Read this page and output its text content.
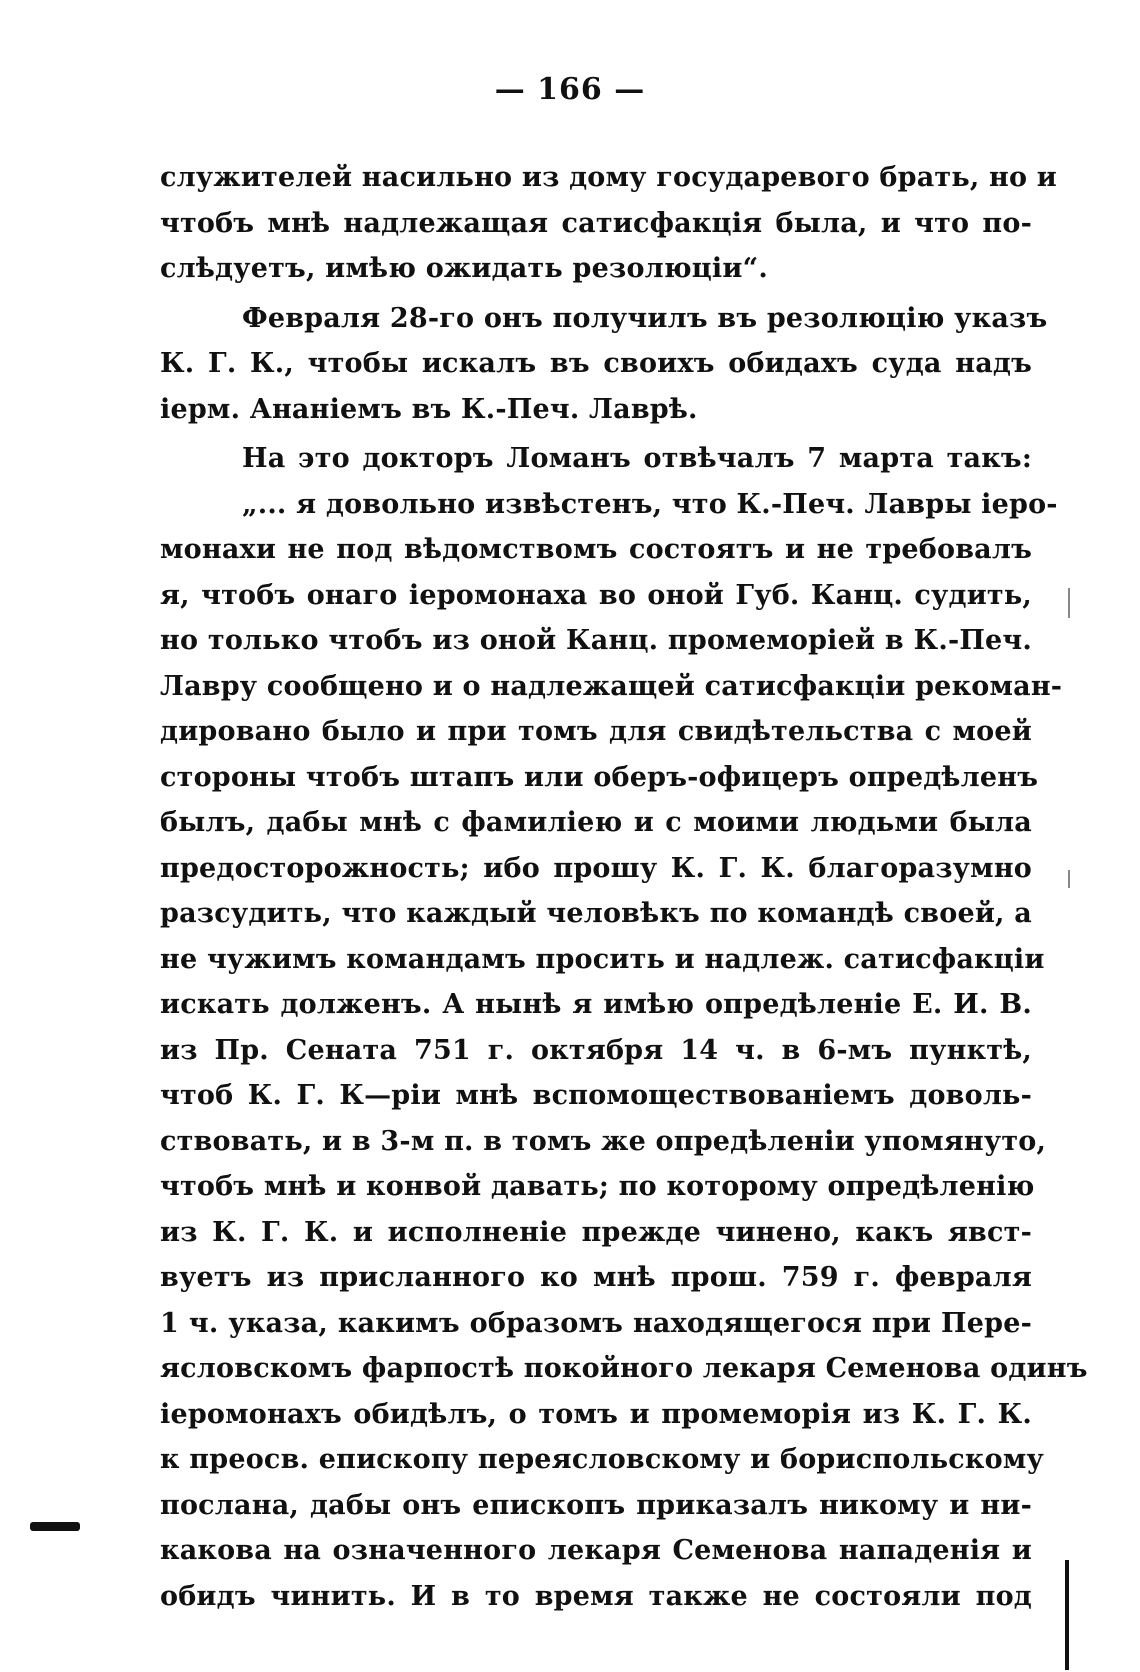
— 166 —
служителей насильно из дому государевого брать, но и
чтобъ мнѣ надлежащая сатисфакція была, и что по-
слѣдуетъ, имѣю ожидать резолюціи“.
Февраля 28-го онъ получилъ въ резолюцію указъ
К. Г. К., чтобы искалъ въ своихъ обидахъ суда надъ
іерм. Ананіемъ въ К.-Печ. Лаврѣ.
На это докторъ Ломанъ отвѣчалъ 7 марта такъ:
„... я довольно извѣстенъ, что К.-Печ. Лавры іеро-
монахи не под вѣдомствомъ состоятъ и не требовалъ
я, чтобъ онаго іеромонаха во оной Губ. Канц. судить,
но только чтобъ из оной Канц. промеморіей в К.-Печ.
Лавру сообщено и о надлежащей сатисфакціи рекоман-
дировано было и при томъ для свидѣтельства с моей
стороны чтобъ штапъ или оберъ-офицеръ опредѣленъ
былъ, дабы мнѣ с фамиліею и с моими людьми была
предосторожность; ибо прошу К. Г. К. благоразумно
разсудить, что каждый человѣкъ по командѣ своей, а
не чужимъ командамъ просить и надлеж. сатисфакціи
искать долженъ. А нынѣ я имѣю опредѣленіе Е. И. В.
из Пр. Сената 751 г. октября 14 ч. в 6-мъ пунктѣ,
чтоб К. Г. К—ріи мнѣ вспомоществованіемъ доволь-
ствовать, и в 3-м п. в томъ же опредѣленіи упомянуто,
чтобъ мнѣ и конвой давать; по которому опредѣленію
из К. Г. К. и исполненіе прежде чинено, какъ явст-
вуетъ из присланного ко мнѣ прош. 759 г. февраля
1 ч. указа, какимъ образомъ находящегося при Пере-
ясловскомъ фарпостѣ покойного лекаря Семенова одинъ
іеромонахъ обидѣлъ, о томъ и промеморія из К. Г. К.
к преосв. епископу переясловскому и бориспольскому
послана, дабы онъ епископъ приказалъ никому и ни-
какова на означенного лекаря Семенова нападенія и
обидъ чинить. И в то время также не состояли под
